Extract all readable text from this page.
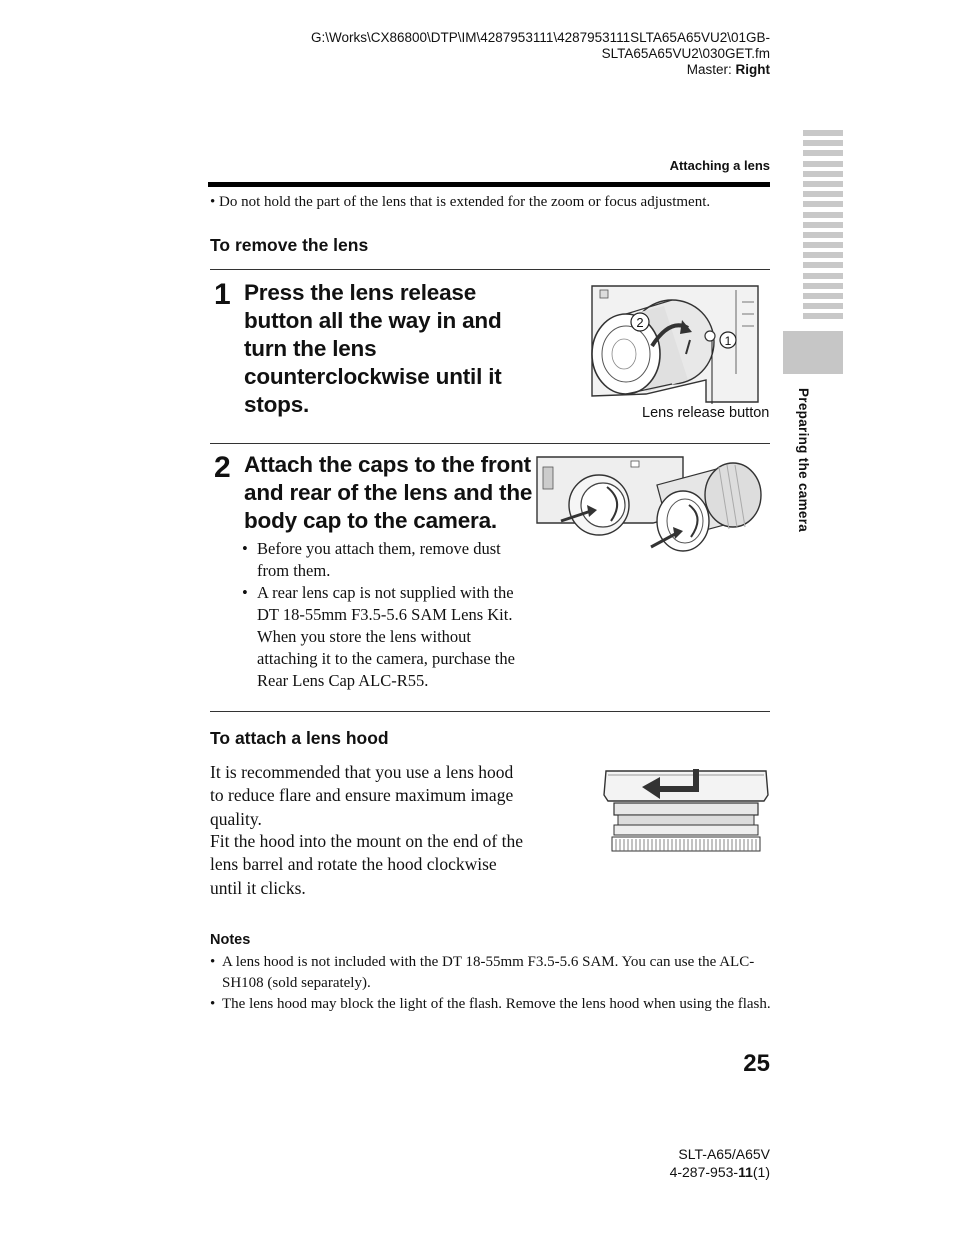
G:\Works\CX86800\DTP\IM\4287953111\4287953111SLTA65A65VU2\01GB-
SLTA65A65VU2\030GET.fm
Master: Right
Attaching a lens
• Do not hold the part of the lens that is extended for the zoom or focus adjustment.
To remove the lens
1 Press the lens release button all the way in and turn the lens counterclockwise until it stops.
2
1
Lens release button
2 Attach the caps to the front and rear of the lens and the body cap to the camera.
• Before you attach them, remove dust from them.
• A rear lens cap is not supplied with the DT 18-55mm F3.5-5.6 SAM Lens Kit. When you store the lens without attaching it to the camera, purchase the Rear Lens Cap ALC-R55.
To attach a lens hood
It is recommended that you use a lens hood to reduce flare and ensure maximum image quality.
Fit the hood into the mount on the end of the lens barrel and rotate the hood clockwise until it clicks.
Notes
• A lens hood is not included with the DT 18-55mm F3.5-5.6 SAM. You can use the ALC-SH108 (sold separately).
• The lens hood may block the light of the flash. Remove the lens hood when using the flash.
25
SLT-A65/A65V
4-287-953-11(1)
Preparing the camera
